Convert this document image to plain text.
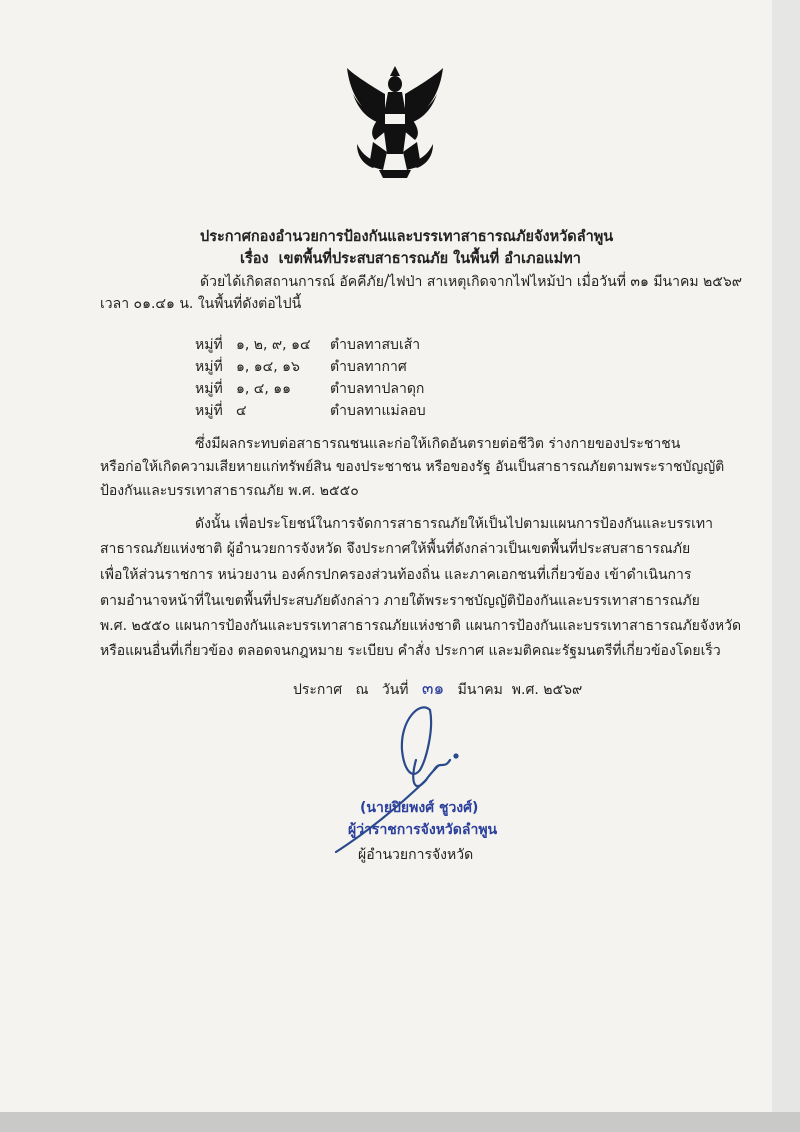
ประกาศกองอำนวยการป้องกันและบรรเทาสาธารณภัยจังหวัดลำพูน
เรื่อง เขตพื้นที่ประสบสาธารณภัย ในพื้นที่ อำเภอแม่ทา
ด้วยได้เกิดสถานการณ์ อัคคีภัย/ไฟป่า สาเหตุเกิดจากไฟไหม้ป่า เมื่อวันที่ ๓๑ มีนาคม ๒๕๖๙
เวลา ๐๑.๔๑ น. ในพื้นที่ดังต่อไปนี้
หมู่ที่ ๑, ๒, ๙, ๑๔ ตำบลทาสบเส้า
หมู่ที่ ๑, ๑๔, ๑๖ ตำบลทากาศ
หมู่ที่ ๑, ๔, ๑๑	ตำบลทาปลาดุก
หมู่ที่ ๔	ตำบลทาแม่ลอบ
ซึ่งมีผลกระทบต่อสาธารณชนและก่อให้เกิดอันตรายต่อชีวิต ร่างกายของประชาชน
หรือก่อให้เกิดความเสียหายแก่ทรัพย์สิน ของประชาชน หรือของรัฐ อันเป็นสาธารณภัยตามพระราชบัญญัติ
ป้องกันและบรรเทาสาธารณภัย พ.ศ. ๒๕๕๐
ดังนั้น เพื่อประโยชน์ในการจัดการสาธารณภัยให้เป็นไปตามแผนการป้องกันและบรรเทา
สาธารณภัยแห่งชาติ ผู้อำนวยการจังหวัด จึงประกาศให้พื้นที่ดังกล่าวเป็นเขตพื้นที่ประสบสาธารณภัย
เพื่อให้ส่วนราชการ หน่วยงาน องค์กรปกครองส่วนท้องถิ่น และภาคเอกชนที่เกี่ยวข้อง เข้าดำเนินการ
ตามอำนาจหน้าที่ในเขตพื้นที่ประสบภัยดังกล่าว ภายใต้พระราชบัญญัติป้องกันและบรรเทาสาธารณภัย
พ.ศ. ๒๕๕๐ แผนการป้องกันและบรรเทาสาธารณภัยแห่งชาติ แผนการป้องกันและบรรเทาสาธารณภัยจังหวัด
หรือแผนอื่นที่เกี่ยวข้อง ตลอดจนกฎหมาย ระเบียบ คำสั่ง ประกาศ และมติคณะรัฐมนตรีที่เกี่ยวข้องโดยเร็ว
ประกาศ   ณ   วันที่ ๓๑ มีนาคม  พ.ศ. ๒๕๖๙
(นายปิยพงศ์ ชูวงศ์)
ผู้ว่าราชการจังหวัดลำพูน
ผู้อำนวยการจังหวัด
